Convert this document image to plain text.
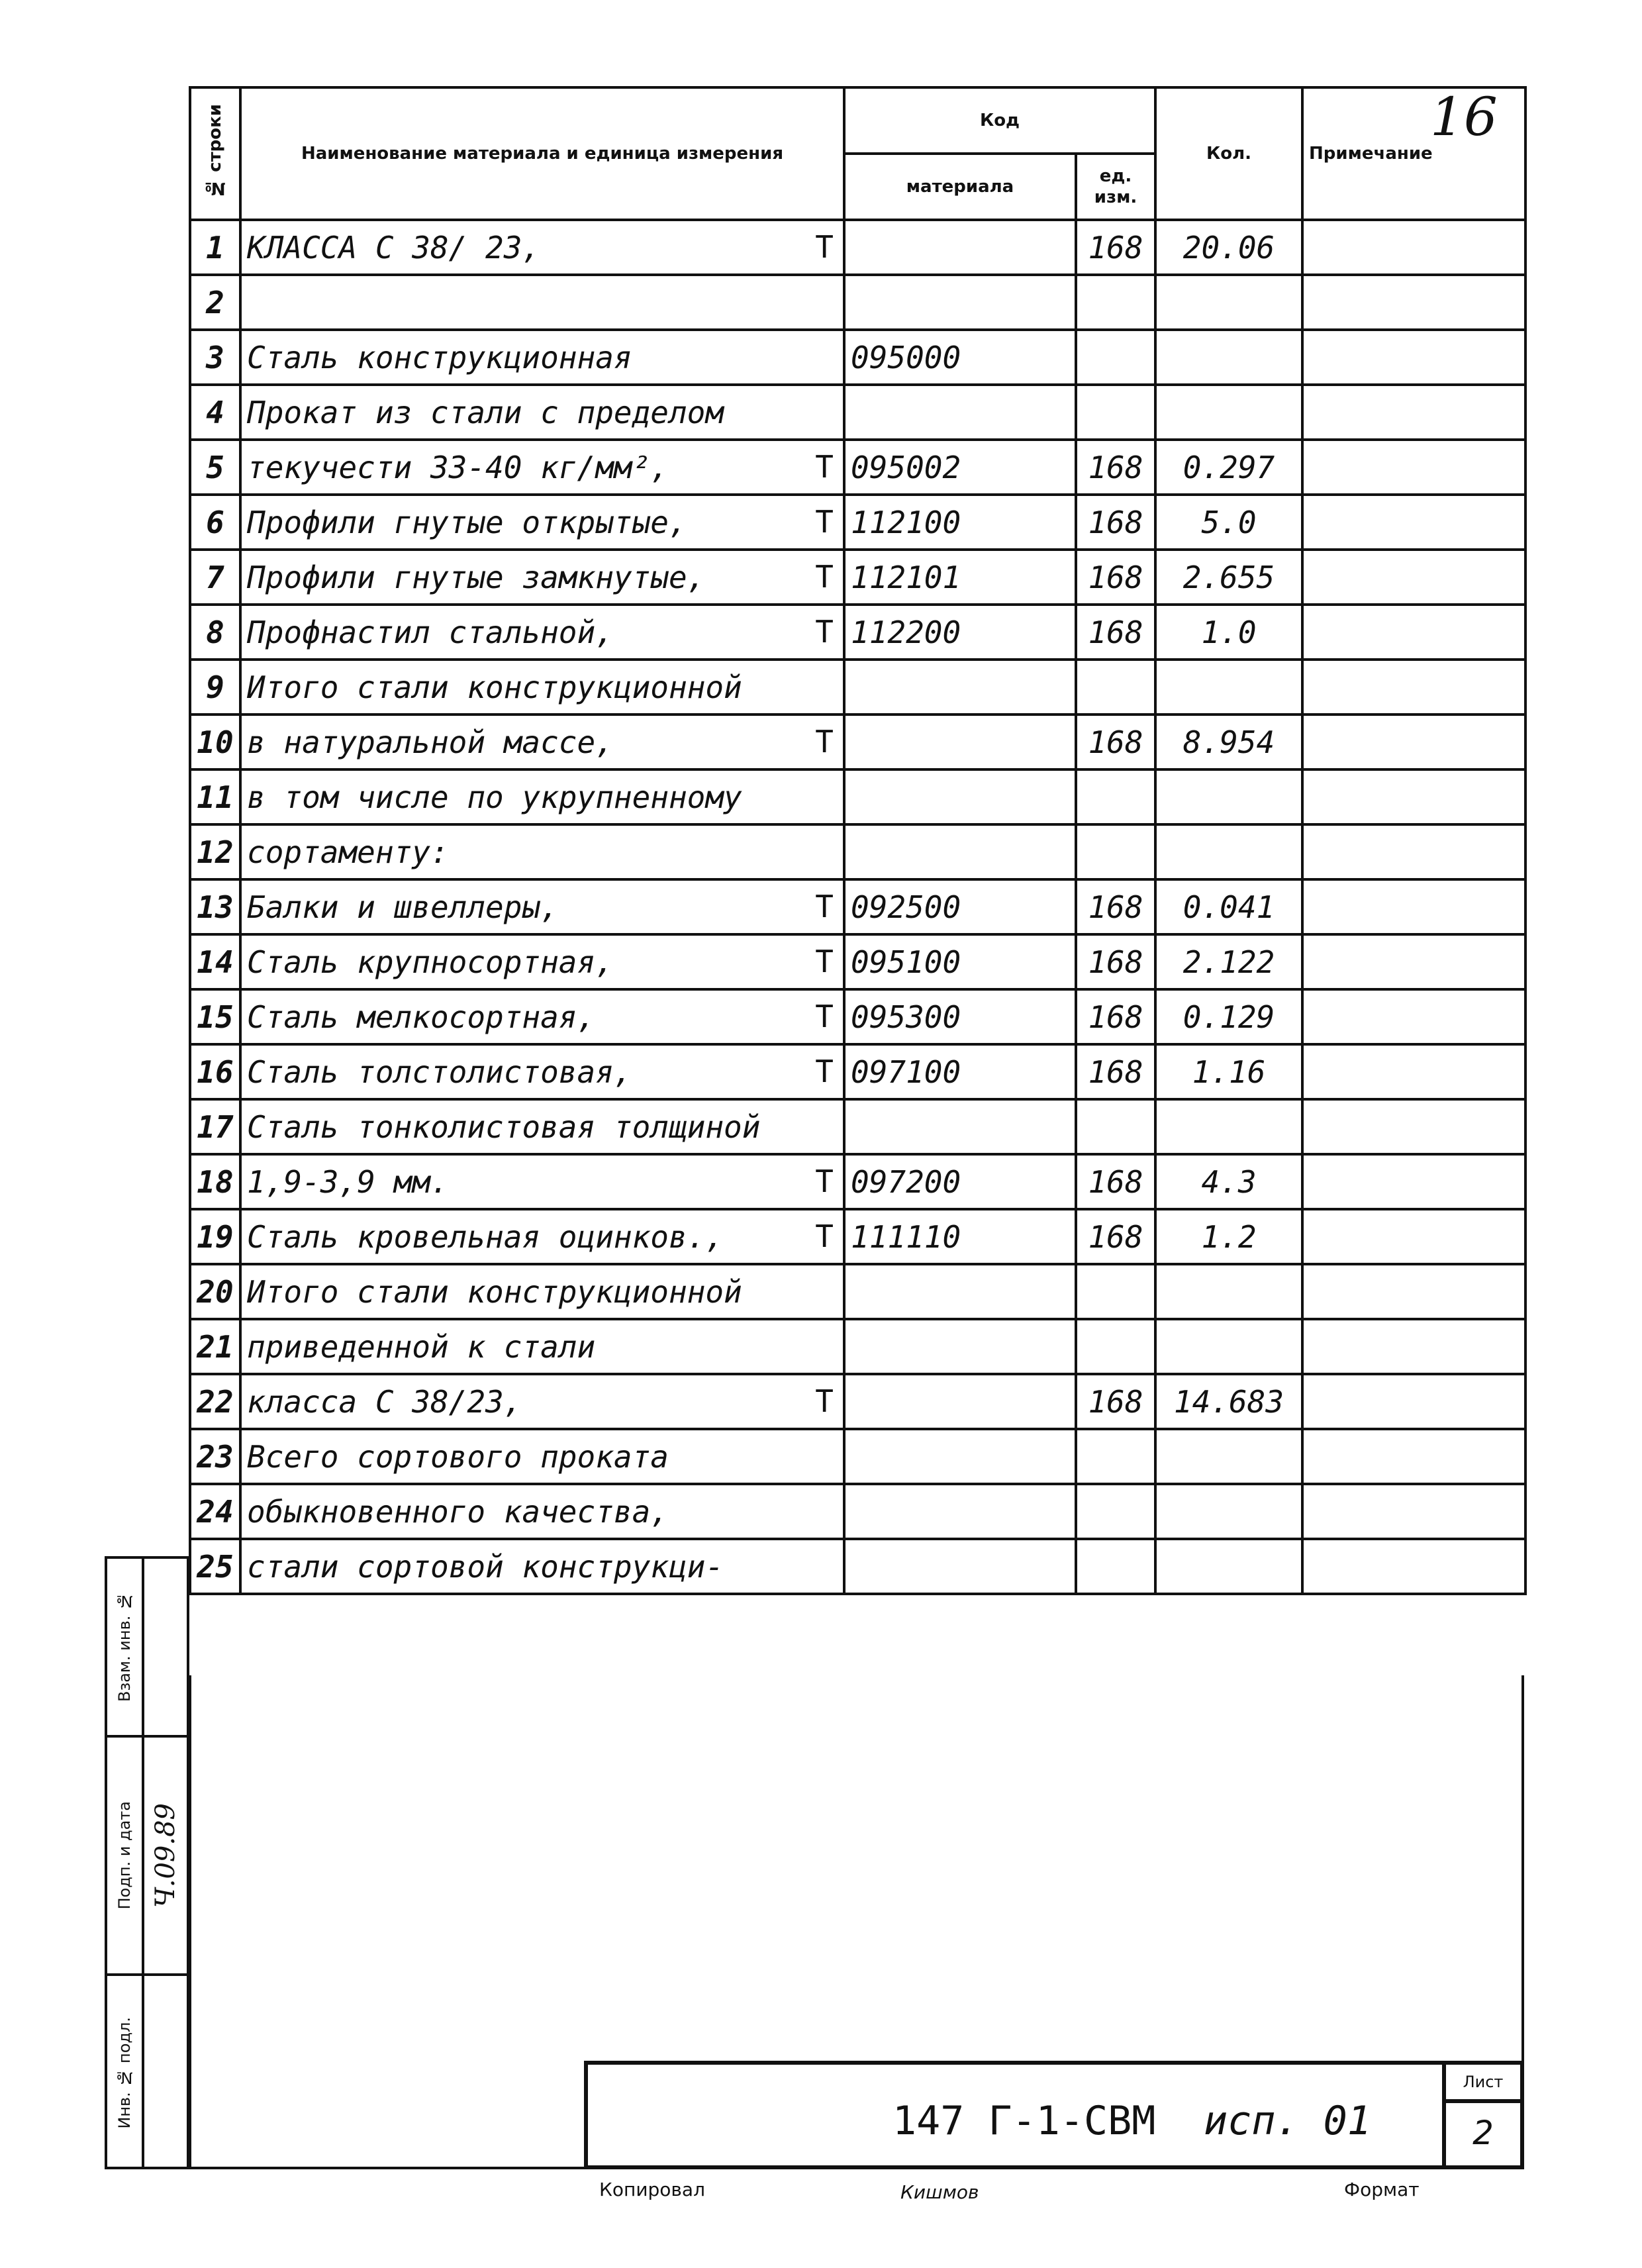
16
№ строки	Наименование материала и единица измерения	Код		Кол.	Примечание
		материала	ед. изм.		
1	КЛАССА С 38/ 23, Т		168	20.06	
2	

3	Сталь конструкционная	095000			
4	Прокат из стали с пределом

5	текучести 33-40 кг/мм², Т	095002	168	0.297	
6	Профили гнутые открытые, Т	112100	168	5.0	
7	Профили гнутые замкнутые, Т	112101	168	2.655	
8	Профнастил стальной, Т	112200	168	1.0	
9	Итого стали конструкционной

10	в натуральной массе, Т		168	8.954	
11	в том числе по укрупненному

12	сортаменту:

13	Балки и швеллеры, Т	092500	168	0.041	
14	Сталь крупносортная, Т	095100	168	2.122	
15	Сталь мелкосортная, Т	095300	168	0.129	
16	Сталь толстолистовая, Т	097100	168	1.16	
17	Сталь тонколистовая толщиной

18	1,9-3,9 мм. Т	097200	168	4.3	
19	Сталь кровельная оцинков., Т	111110	168	1.2	
20	Итого стали конструкционной

21	приведенной к стали

22	класса С 38/23, Т		168	14.683	
23	Всего сортового проката

24	обыкновенного качества,

25	стали сортовой конструкци-

147 Г-1-СВМ исп. 01
Лист
2
Копировал	Кишмов	Формат
Взам. инв. №
Подп. и дата
Инв. № подл.
Ч.09.89
